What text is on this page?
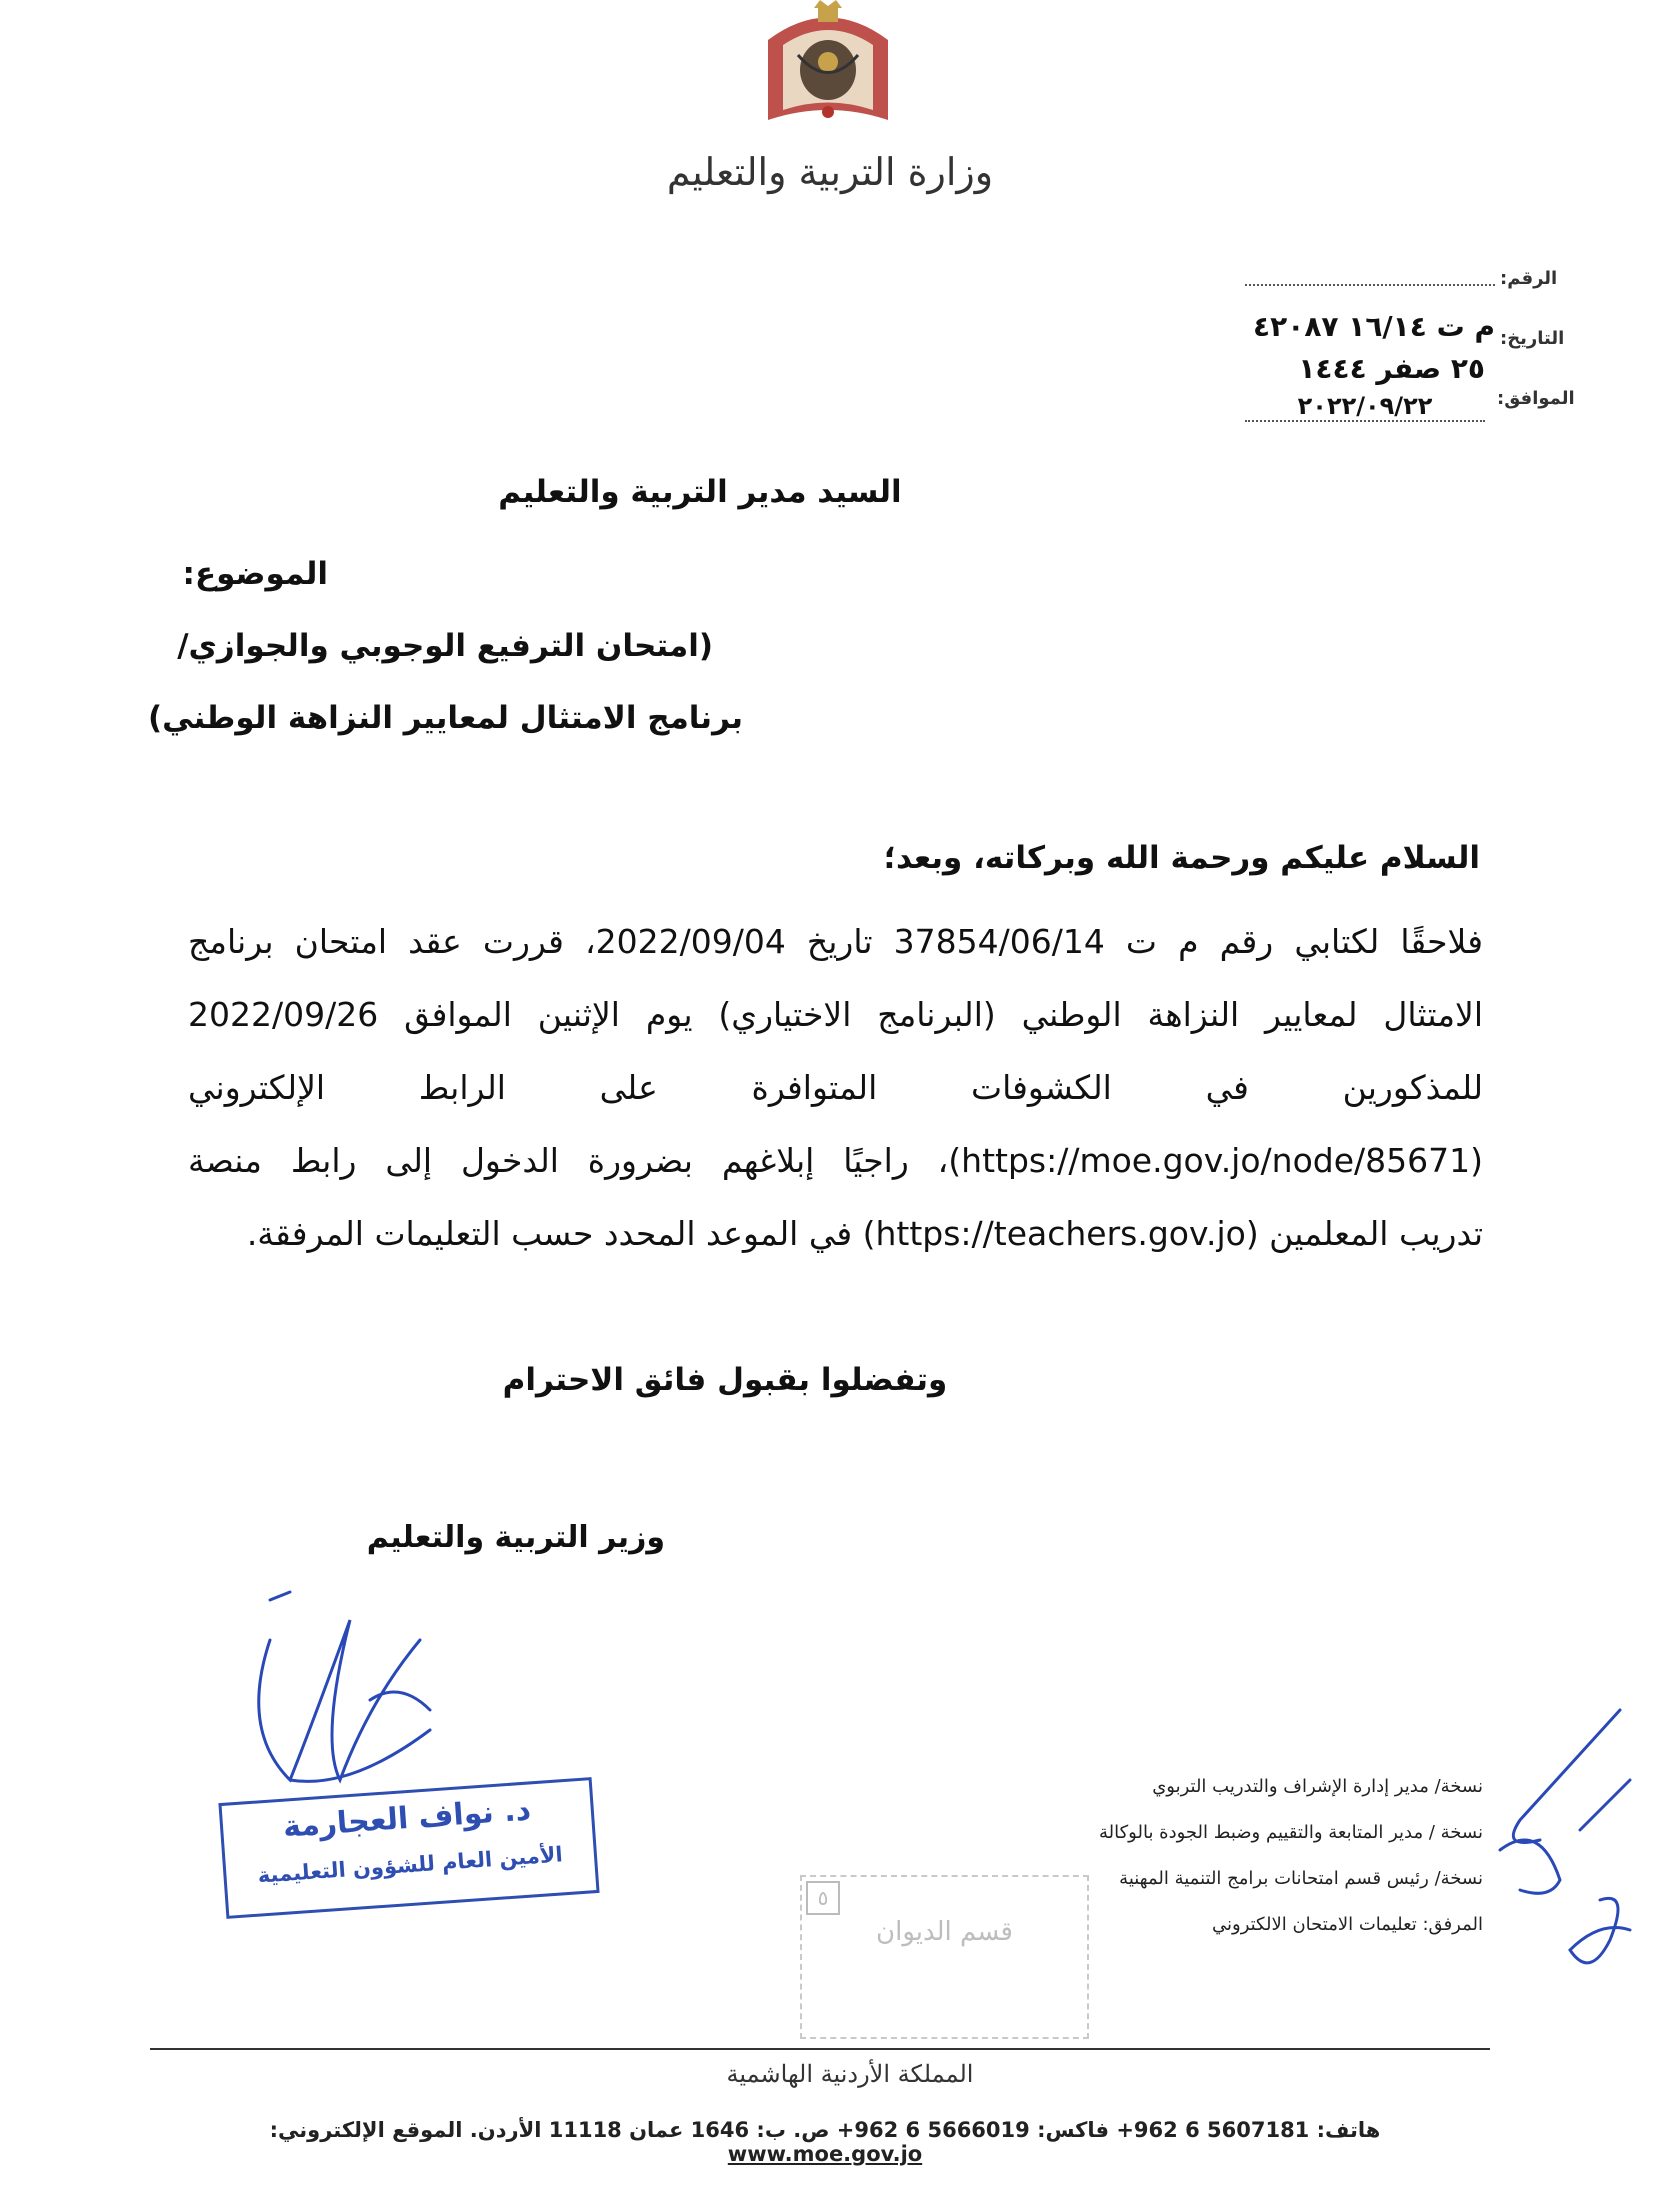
وزارة التربية والتعليم
الرقم:
التاريخ:
م ت ١٦/١٤ ٤٢٠٨٧
٢٥ صفر ١٤٤٤
الموافق:
٢٠٢٢/٠٩/٢٢
السيد مدير التربية والتعليم
الموضوع:
(امتحان الترفيع الوجوبي والجوازي/
برنامج الامتثال لمعايير النزاهة الوطني)
السلام عليكم ورحمة الله وبركاته، وبعد؛
فلاحقًا لكتابي رقم م ت 37854/06/14 تاريخ 2022/09/04، قررت عقد امتحان برنامج
الامتثال لمعايير النزاهة الوطني (البرنامج الاختياري) يوم الإثنين الموافق 2022/09/26
للمذكورين في الكشوفات المتوافرة على الرابط الإلكتروني
(https://moe.gov.jo/node/85671)، راجيًا إبلاغهم بضرورة الدخول إلى رابط منصة
تدريب المعلمين (https://teachers.gov.jo) في الموعد المحدد حسب التعليمات المرفقة.
وتفضلوا بقبول فائق الاحترام
وزير التربية والتعليم
د. نواف العجارمة
الأمين العام للشؤون التعليمية
٥
قسم الديوان
نسخة/ مدير إدارة الإشراف والتدريب التربوي
نسخة / مدير المتابعة والتقييم وضبط الجودة بالوكالة
نسخة/ رئيس قسم امتحانات برامج التنمية المهنية
المرفق: تعليمات الامتحان الالكتروني
المملكة الأردنية الهاشمية
هاتف: 5607181 6 962+ فاكس: 5666019 6 962+ ص. ب: 1646 عمان 11118 الأردن. الموقع الإلكتروني: www.moe.gov.jo
